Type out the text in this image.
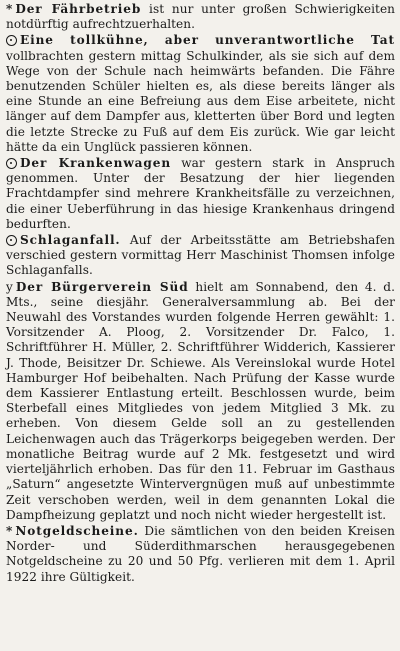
* Der Fährbetrieb ist nur unter großen Schwierigkeiten notdürftig aufrechtzuerhalten.

Eine tollkühne, aber unverantwortliche Tat vollbrachten gestern mittag Schulkinder, als sie sich auf dem Wege von der Schule nach heimwärts befanden. Die Fähre benutzenden Schüler hielten es, als diese bereits länger als eine Stunde an eine Befreiung aus dem Eise arbeitete, nicht länger auf dem Dampfer aus, kletterten über Bord und legten die letzte Strecke zu Fuß auf dem Eis zurück. Wie gar leicht hätte da ein Unglück passieren können.

Der Krankenwagen war gestern stark in Anspruch genommen. Unter der Besatzung der hier liegenden Frachtdampfer sind mehrere Krankheitsfälle zu verzeichnen, die einer Ueberführung in das hiesige Krankenhaus dringend bedurften.

Schlaganfall. Auf der Arbeitsstätte am Betriebshafen verschied gestern vormittag Herr Maschinist Thomsen infolge Schlaganfalls.

y Der Bürgerverein Süd hielt am Sonnabend, den 4. d. Mts., seine diesjähr. Generalversammlung ab. Bei der Neuwahl des Vorstandes wurden folgende Herren gewählt: 1. Vorsitzender A. Ploog, 2. Vorsitzender Dr. Falco, 1. Schriftführer H. Müller, 2. Schriftführer Widderich, Kassierer J. Thode, Beisitzer Dr. Schiewe. Als Vereinslokal wurde Hotel Hamburger Hof beibehalten. Nach Prüfung der Kasse wurde dem Kassierer Entlastung erteilt. Beschlossen wurde, beim Sterbefall eines Mitgliedes von jedem Mitglied 3 Mk. zu erheben. Von diesem Gelde soll an zu gestellenden Leichenwagen auch das Trägerkorps beigegeben werden. Der monatliche Beitrag wurde auf 2 Mk. festgesetzt und wird vierteljährlich erhoben. Das für den 11. Februar im Gasthaus „Saturn“ angesetzte Wintervergnügen muß auf unbestimmte Zeit verschoben werden, weil in dem genannten Lokal die Dampfheizung geplatzt und noch nicht wieder hergestellt ist.

* Notgeldscheine. Die sämtlichen von den beiden Kreisen Norder- und Süderdithmarschen herausgegebenen Notgeldscheine zu 20 und 50 Pfg. verlieren mit dem 1. April 1922 ihre Gültigkeit.
